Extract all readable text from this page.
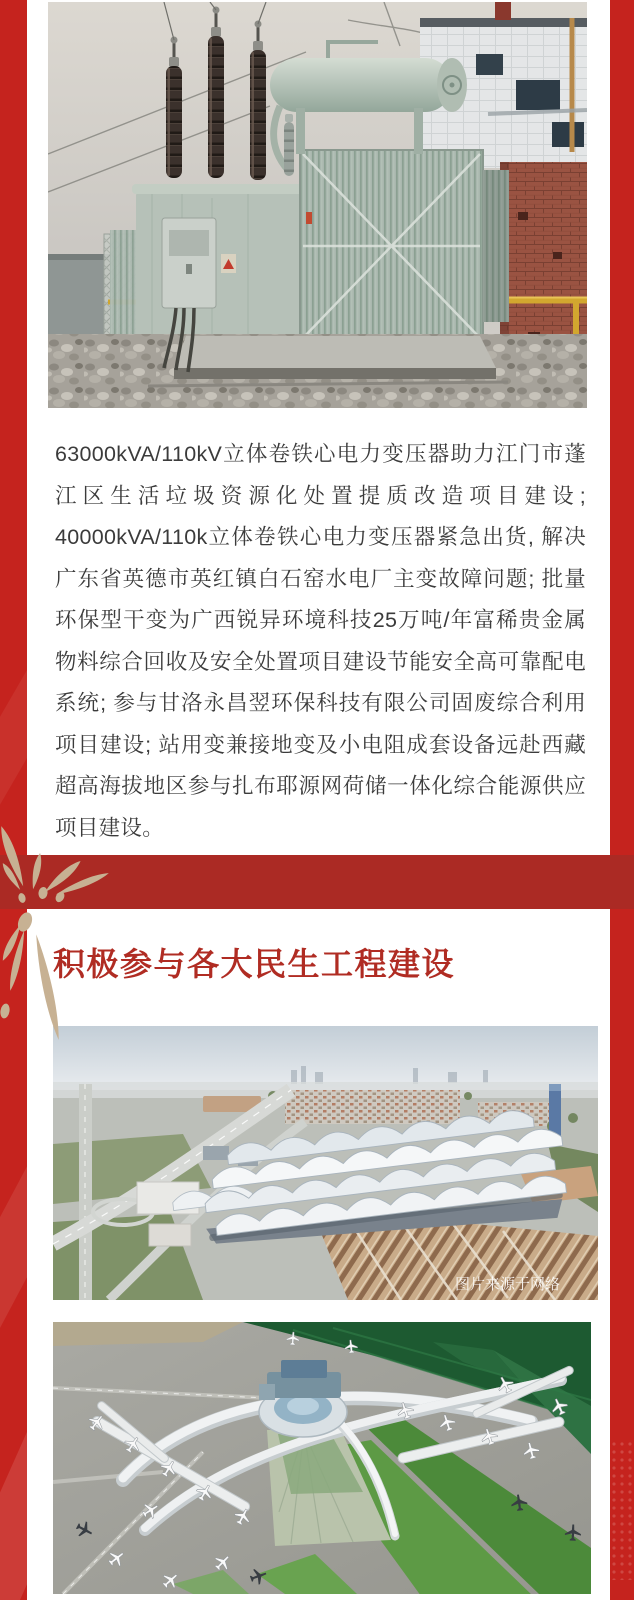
63000kVA/110kV立体卷铁心电力变压器助力江门市蓬江区生活垃圾资源化处置提质改造项目建设; 40000kVA/110k立体卷铁心电力变压器紧急出货, 解决广东省英德市英红镇白石窑水电厂主变故障问题; 批量环保型干变为广西锐异环境科技25万吨/年富稀贵金属物料综合回收及安全处置项目建设节能安全高可靠配电系统; 参与甘洛永昌翌环保科技有限公司固废综合利用项目建设; 站用变兼接地变及小电阻成套设备远赴西藏超高海拔地区参与扎布耶源网荷储一体化综合能源供应项目建设。

积极参与各大民生工程建设
图片来源于网络
